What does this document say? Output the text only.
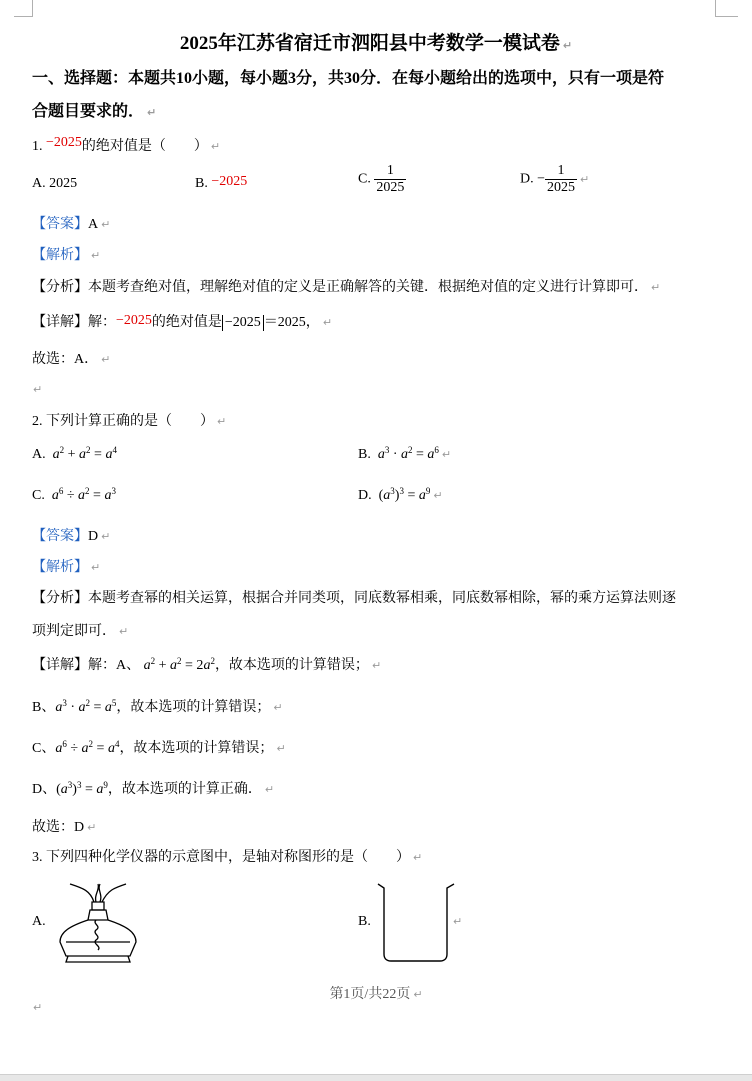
2025年江苏省宿迁市泗阳县中考数学一模试卷 ↵
一、选择题：本题共10小题，每小题3分，共30分．在每小题给出的选项中，只有一项是符
合题目要求的． ↵
1. −2025的绝对值是（　　） ↵
A. 2025	B. −2025	C. $\frac{1}{2025}$	D. − $\frac{1}{2025}$ ↵
【答案】A ↵
【解析】 ↵
【分析】本题考查绝对值，理解绝对值的定义是正确解答的关键．根据绝对值的定义进行计算即可． ↵
【详解】解：−2025的绝对值是 −2025 ＝2025， ↵
故选：A． ↵
↵
2. 下列计算正确的是（　　） ↵
A. $a^2 + a^2 = a^4$	B. $a^3 \cdot a^2 = a^6$ ↵
C. $a^6 \div a^2 = a^3$	D.  $(a^3)^3 = a^9$ ↵
【答案】D ↵
【解析】 ↵
【分析】本题考查幂的相关运算，根据合并同类项，同底数幂相乘，同底数幂相除，幂的乘方运算法则逐
项判定即可． ↵
【详解】解：A、 $a^2 + a^2 = 2a^2$，故本选项的计算错误； ↵
B、$a^3 \cdot a^2 = a^5$，故本选项的计算错误； ↵
C、$a^6 \div a^2 = a^4$，故本选项的计算错误； ↵
D、$(a^3)^3 = a^9$，故本选项的计算正确． ↵
故选：D ↵
3. 下列四种化学仪器的示意图中，是轴对称图形的是（　　） ↵
A.	B.	↵
第1页/共22页 ↵
↵
